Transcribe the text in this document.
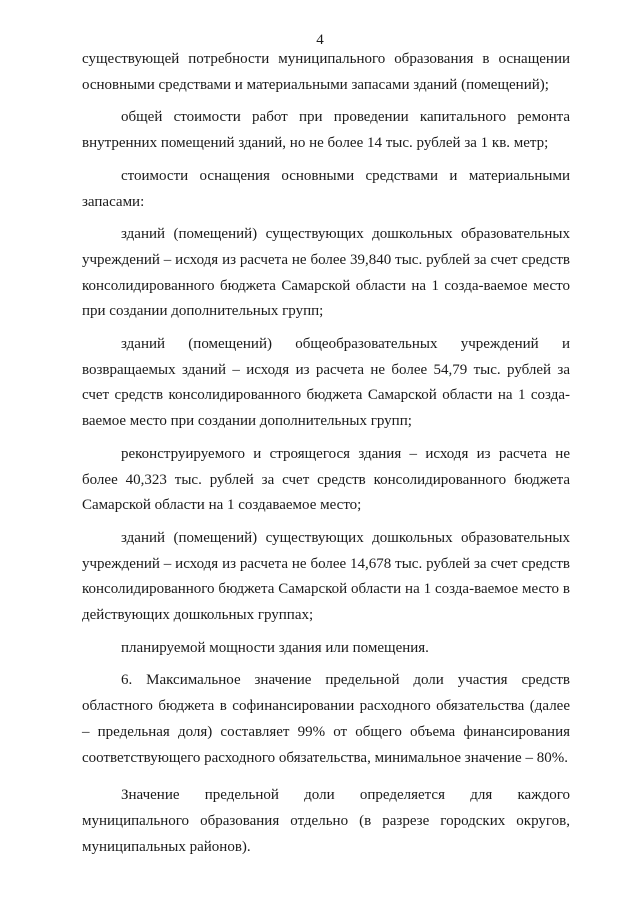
4

существующей потребности муниципального образования в оснащении основными средствами и материальными запасами зданий (помещений);

общей стоимости работ при проведении капитального ремонта внутренних помещений зданий, но не более 14 тыс. рублей за 1 кв. метр;

стоимости оснащения основными средствами и материальными запасами:

зданий (помещений) существующих дошкольных образовательных учреждений – исходя из расчета не более 39,840 тыс. рублей за счет средств консолидированного бюджета Самарской области на 1 созда-ваемое место при создании дополнительных групп;

зданий (помещений) общеобразовательных учреждений и возвращаемых зданий – исходя из расчета не более 54,79 тыс. рублей за счет средств консолидированного бюджета Самарской области на 1 созда-ваемое место при создании дополнительных групп;

реконструируемого и строящегося здания – исходя из расчета не более 40,323 тыс. рублей за счет средств консолидированного бюджета Самарской области на 1 создаваемое место;

зданий (помещений) существующих дошкольных образовательных учреждений – исходя из расчета не более 14,678 тыс. рублей за счет средств консолидированного бюджета Самарской области на 1 созда-ваемое место в действующих дошкольных группах;

планируемой мощности здания или помещения.

6. Максимальное значение предельной доли участия средств областного бюджета в софинансировании расходного обязательства (далее – предельная доля) составляет 99% от общего объема финансирования соответствующего расходного обязательства, минимальное значение – 80%.

Значение предельной доли определяется для каждого муниципального образования отдельно (в разрезе городских округов, муниципальных районов).
